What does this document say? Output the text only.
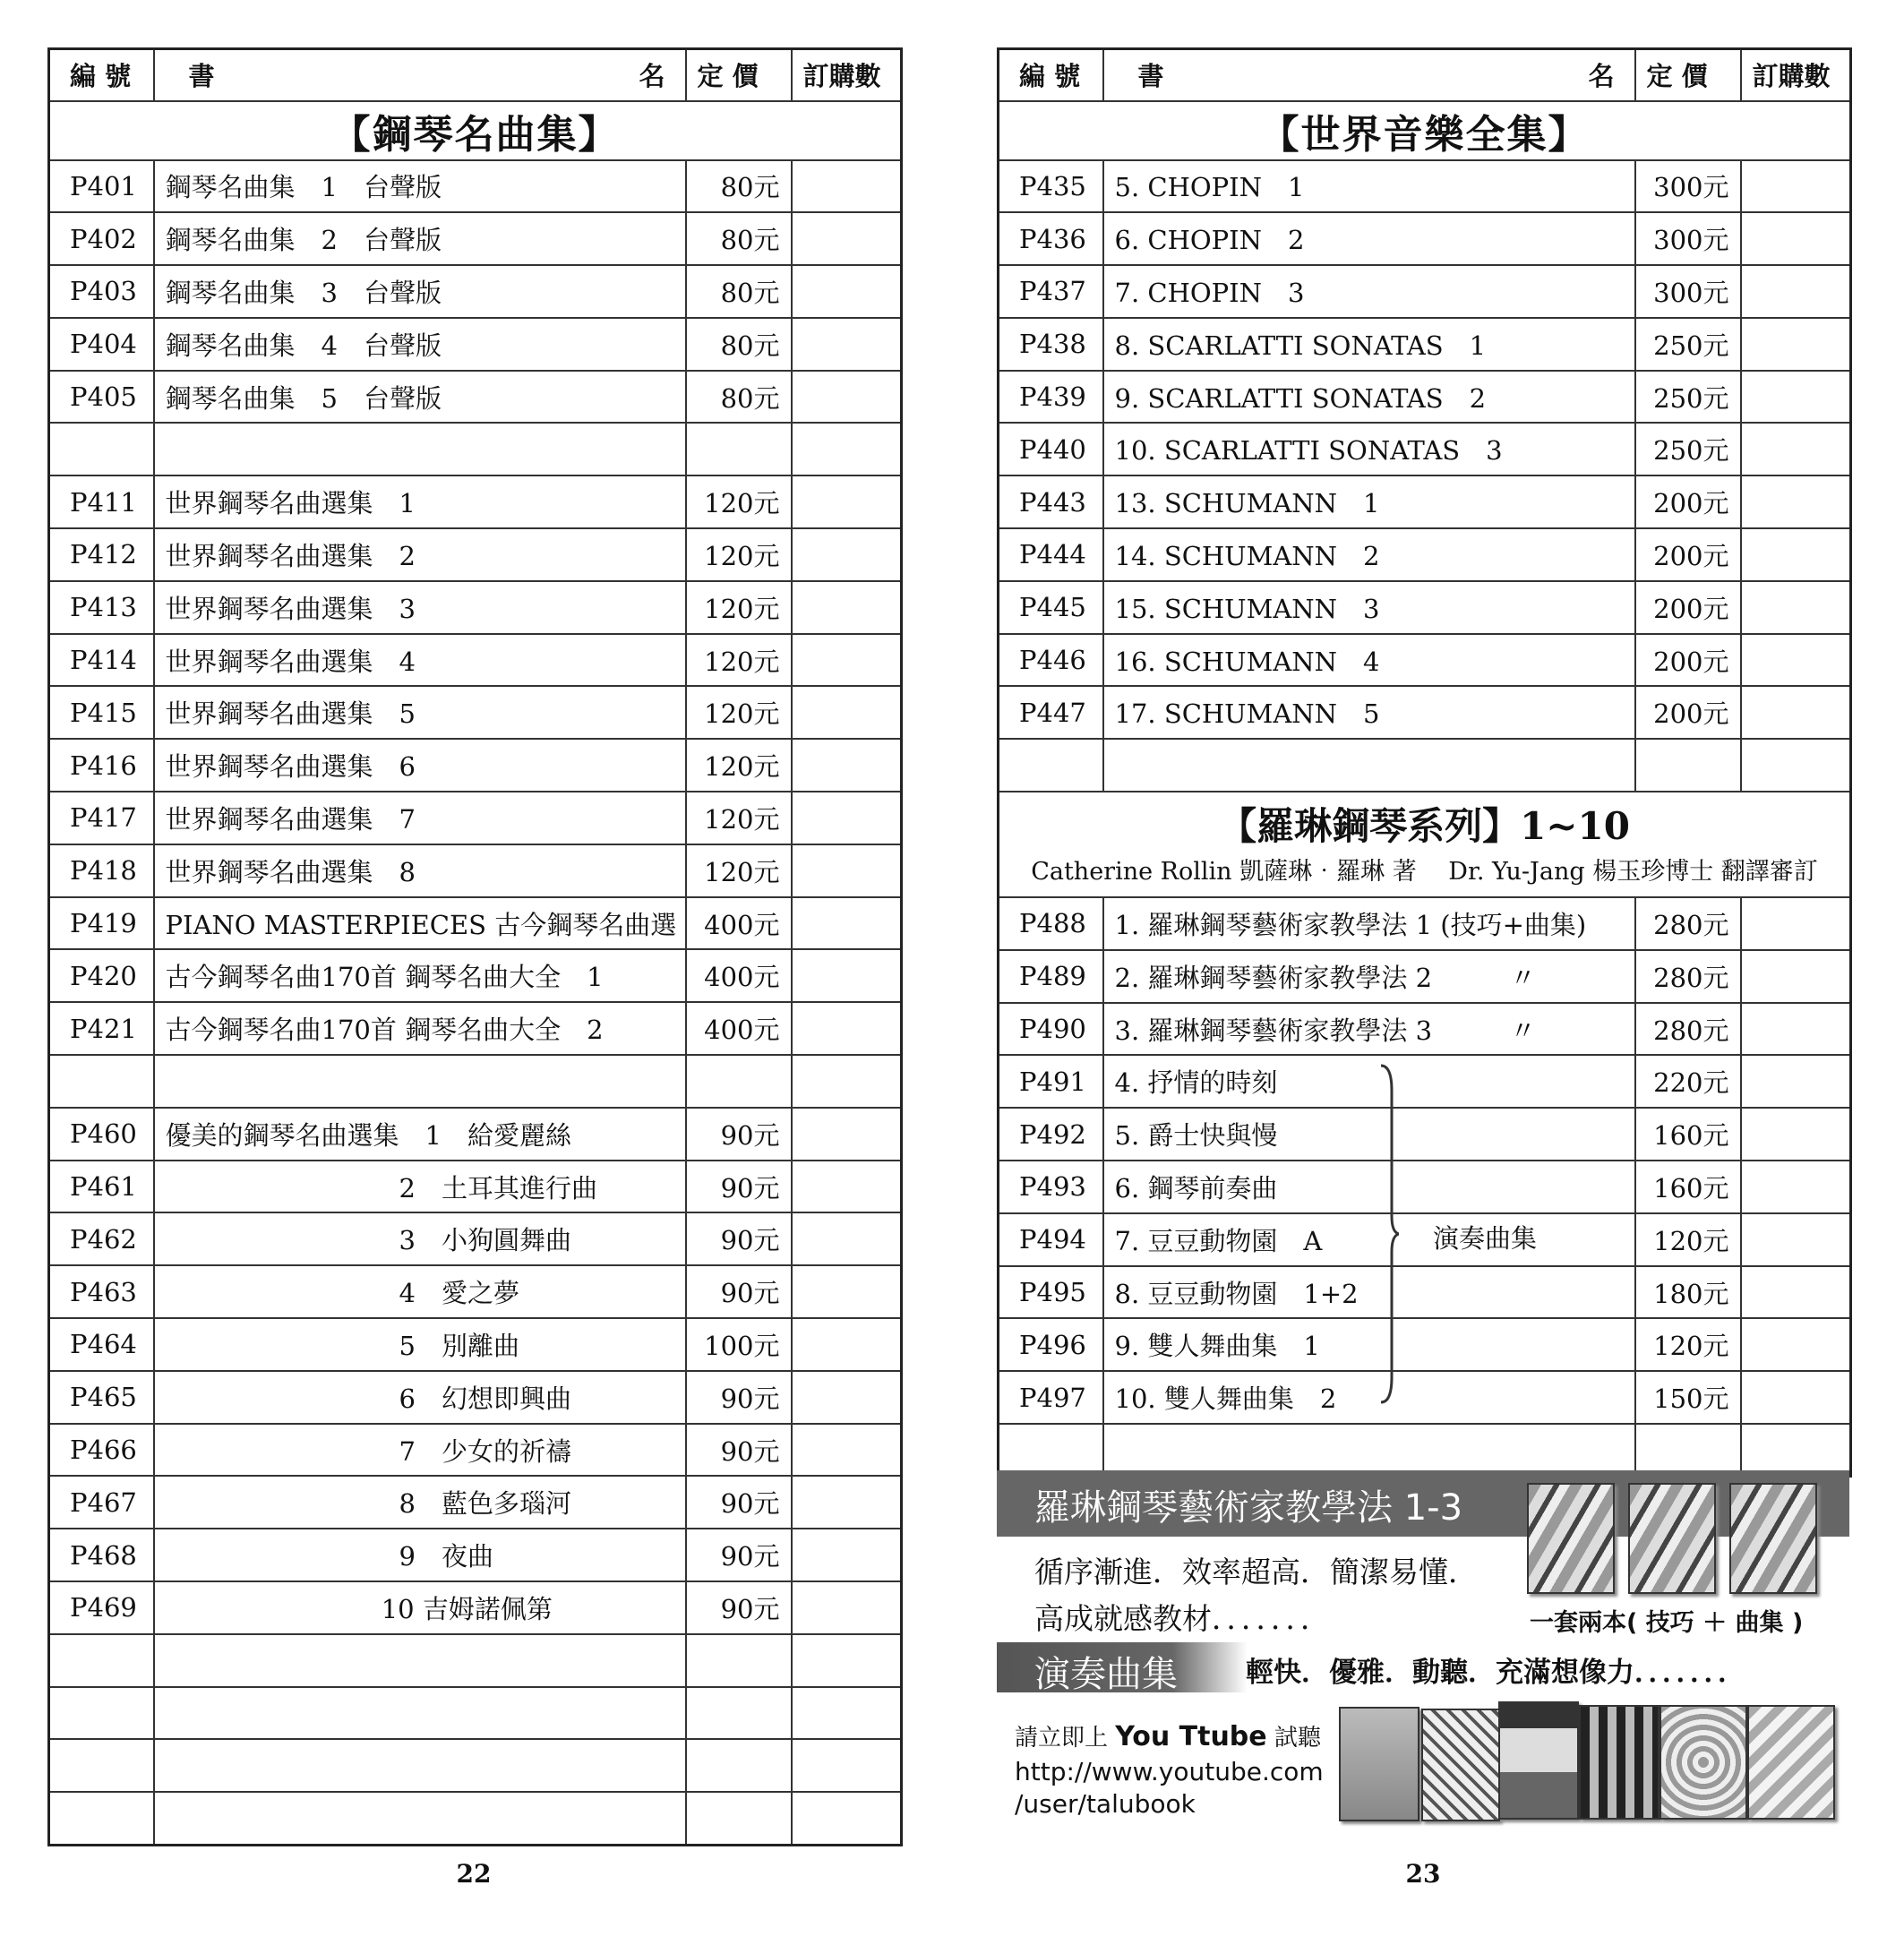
編 號	書 名	定 價	訂購數
【鋼琴名曲集】			
P401	鋼琴名曲集　1　台聲版	80元	
P402	鋼琴名曲集　2　台聲版	80元	
P403	鋼琴名曲集　3　台聲版	80元	
P404	鋼琴名曲集　4　台聲版	80元	
P405	鋼琴名曲集　5　台聲版	80元	

P411	世界鋼琴名曲選集　1	120元	
P412	世界鋼琴名曲選集　2	120元	
P413	世界鋼琴名曲選集　3	120元	
P414	世界鋼琴名曲選集　4	120元	
P415	世界鋼琴名曲選集　5	120元	
P416	世界鋼琴名曲選集　6	120元	
P417	世界鋼琴名曲選集　7	120元	
P418	世界鋼琴名曲選集　8	120元	
P419	PIANO MASTERPIECES 古今鋼琴名曲選	400元	
P420	古今鋼琴名曲170首 鋼琴名曲大全　1	400元	
P421	古今鋼琴名曲170首 鋼琴名曲大全　2	400元	

P460	優美的鋼琴名曲選集　1　給愛麗絲	90元	
P461	　　　　　　　　　2　土耳其進行曲	90元	
P462	　　　　　　　　　3　小狗圓舞曲	90元	
P463	　　　　　　　　　4　愛之夢	90元	
P464	　　　　　　　　　5　別離曲	100元	
P465	　　　　　　　　　6　幻想即興曲	90元	
P466	　　　　　　　　　7　少女的祈禱	90元	
P467	　　　　　　　　　8　藍色多瑙河	90元	
P468	　　　　　　　　　9　夜曲	90元	
P469	　　　　　　　　 10 吉姆諾佩第	90元	

22
編 號	書 名	定 價	訂購數
【世界音樂全集】			
P435	5. CHOPIN　1	300元	
P436	6. CHOPIN　2	300元	
P437	7. CHOPIN　3	300元	
P438	8. SCARLATTI SONATAS　1	250元	
P439	9. SCARLATTI SONATAS　2	250元	
P440	10. SCARLATTI SONATAS　3	250元	
P443	13. SCHUMANN　1	200元	
P444	14. SCHUMANN　2	200元	
P445	15. SCHUMANN　3	200元	
P446	16. SCHUMANN　4	200元	
P447	17. SCHUMANN　5	200元	

【羅琳鋼琴系列】1~10
Catherine Rollin 凱薩琳‧羅琳 著　 Dr. Yu-Jang 楊玉珍博士 翻譯審訂			

P488	1. 羅琳鋼琴藝術家教學法 1 (技巧+曲集)	280元	
P489	2. 羅琳鋼琴藝術家教學法 2　　　〃	280元	
P490	3. 羅琳鋼琴藝術家教學法 3　　　〃	280元	
P491	4. 抒情的時刻	220元	
P492	5. 爵士快與慢	160元	
P493	6. 鋼琴前奏曲	160元	
P494	7. 豆豆動物園　A	120元	
P495	8. 豆豆動物園　1+2	180元	
P496	9. 雙人舞曲集　1	120元	
P497	10. 雙人舞曲集　2	150元	

23
演奏曲集
羅琳鋼琴藝術家教學法 1-3
循序漸進．效率超高．簡潔易懂．
高成就感教材．．．．．．．	一套兩本( 技巧 ＋ 曲集 )
演奏曲集 輕快．優雅．動聽．充滿想像力．．．．．．．
請立即上 You Ttube 試聽
http://www.youtube.com
/user/talubook
